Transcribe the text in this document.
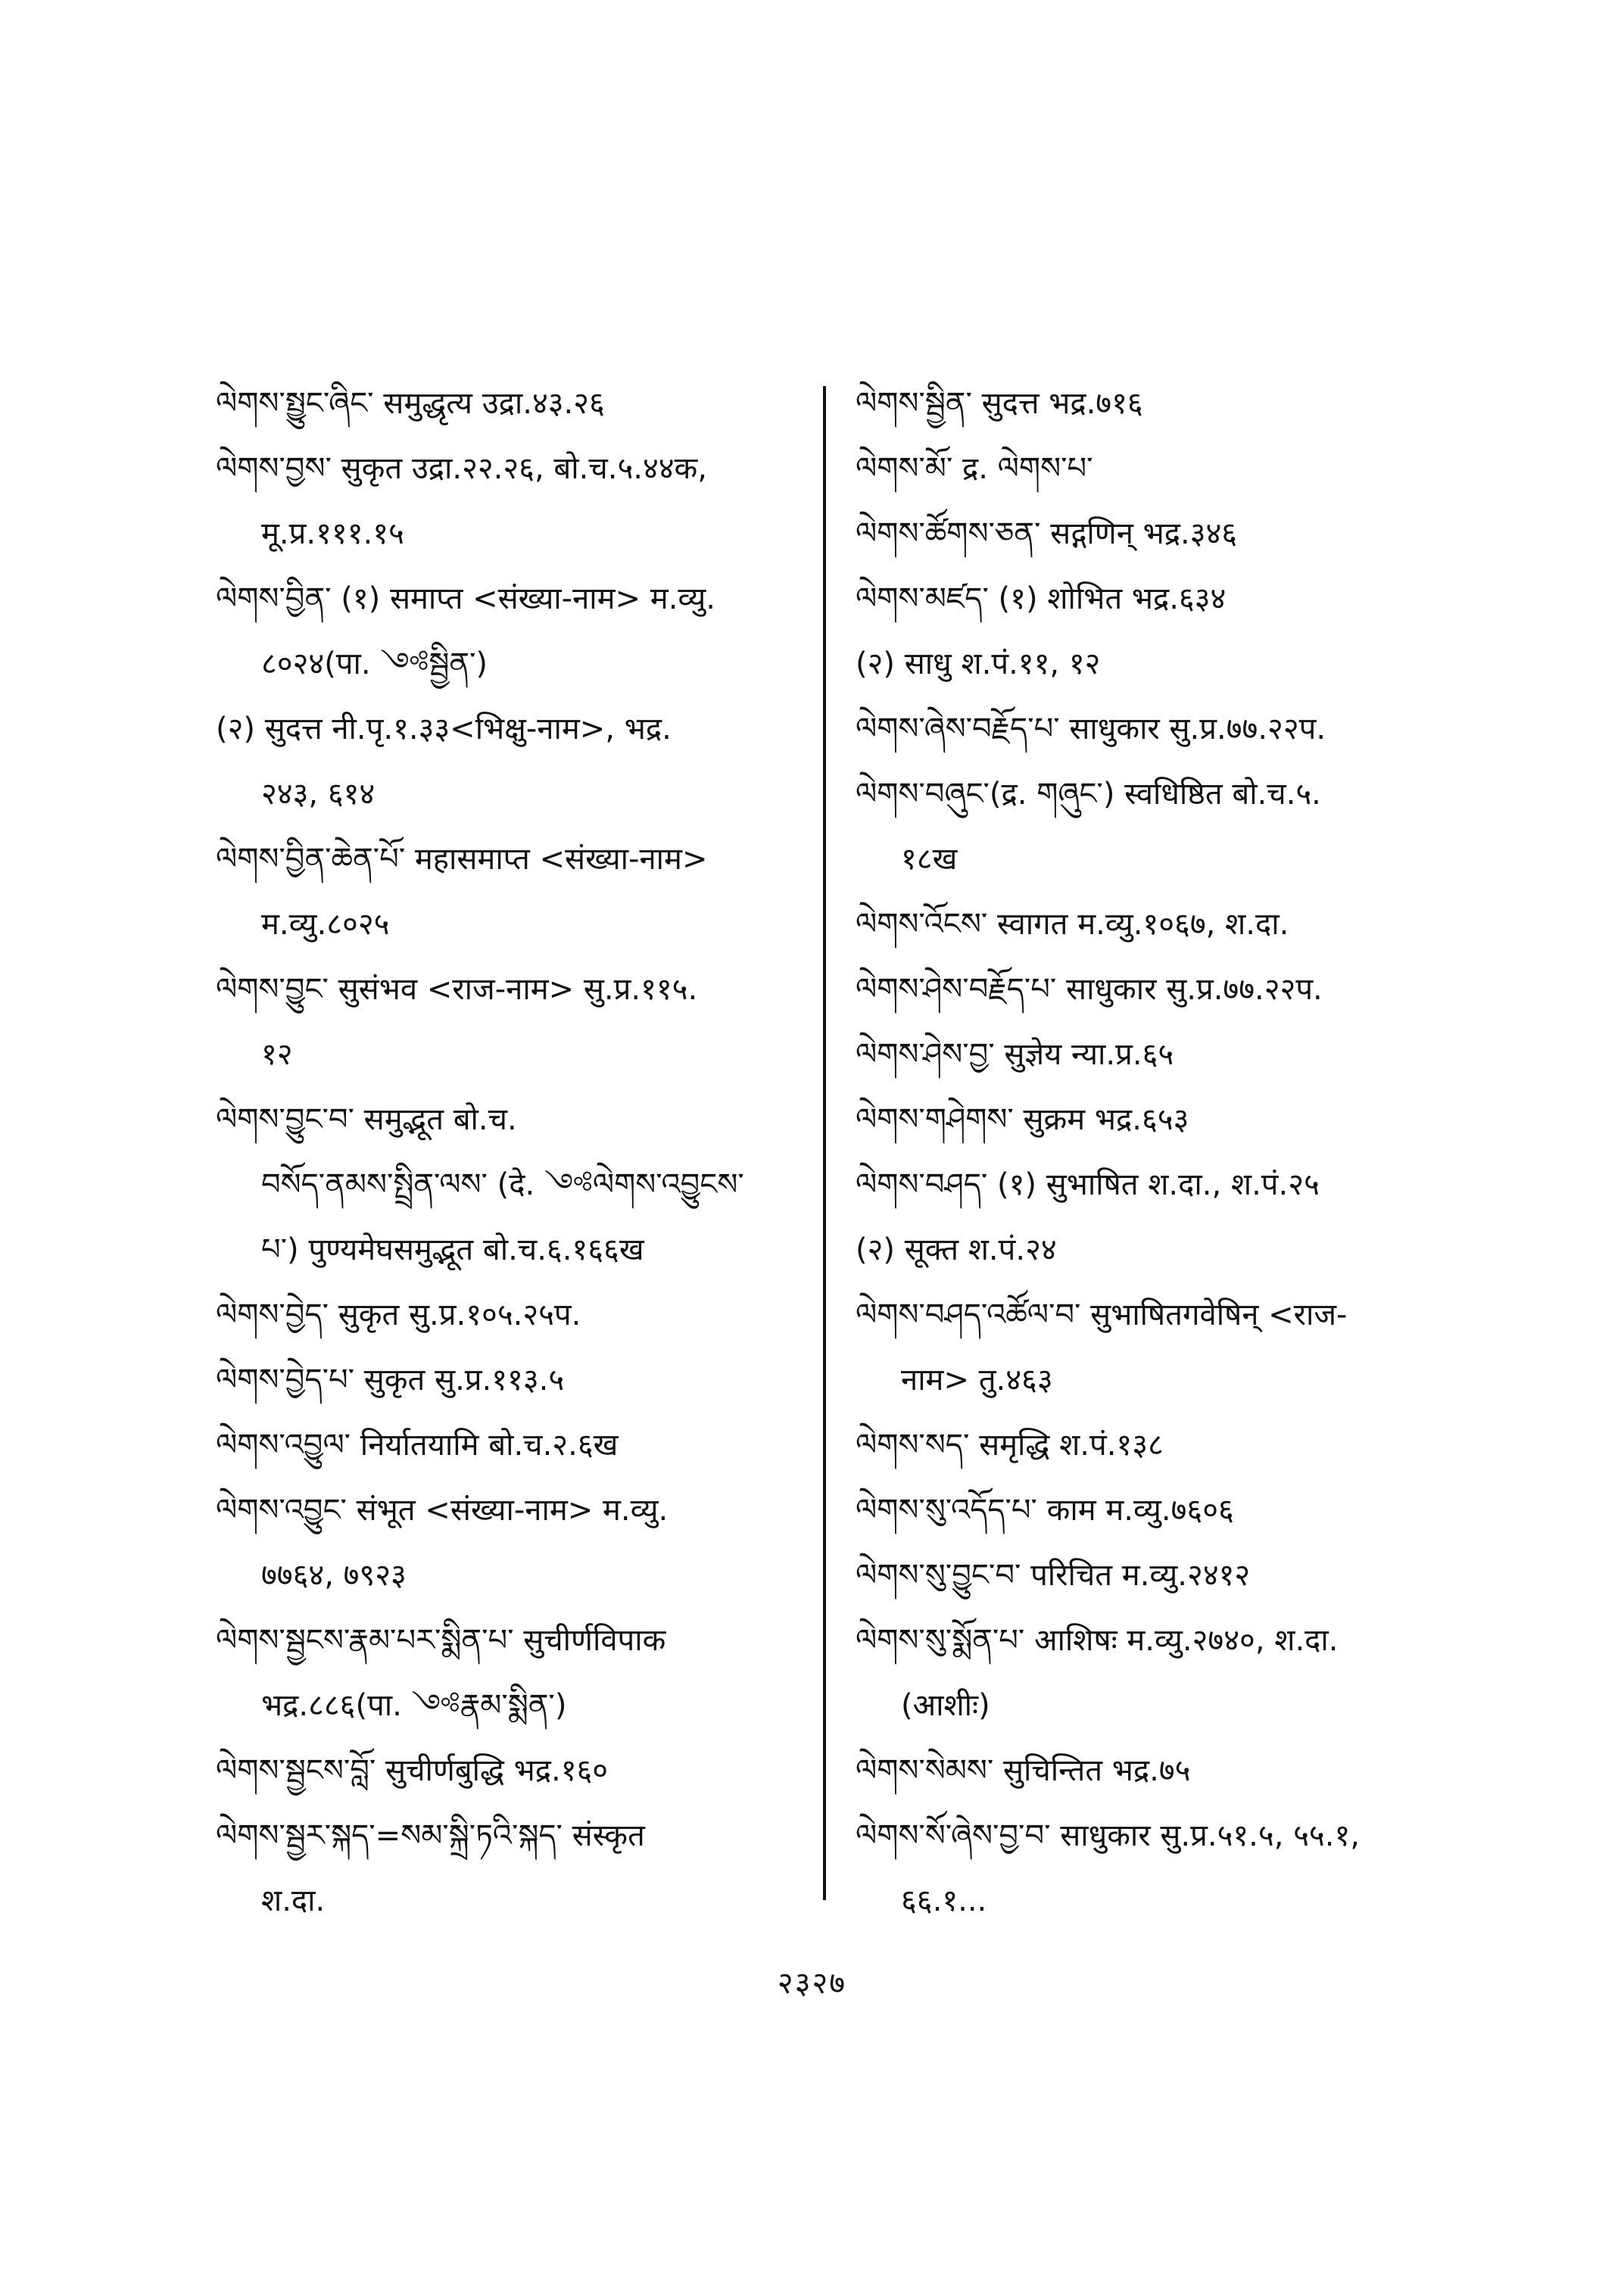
ལེགས་སྤྱུང་ཞིང་ समुद्धृत्य उद्रा.४३.२६
ལེགས་བྱས་ सुकृत उद्रा.२२.२६, बो.च.५.४४क,
मू.प्र.१११.१५
ལེགས་བྱིན་ (१) समाप्त <संख्या-नाम> म.व्यु.
८०२४(पा. ༺སྦྱིན་)
(२) सुदत्त नी.पृ.१.३३<भिक्षु-नाम>, भद्र.
२४३, ६१४
ལེགས་བྱིན་ཆེན་པོ་ महासमाप्त <संख्या-नाम>
म.व्यु.८०२५
ལེགས་བྱུང་ सुसंभव <राज-नाम> सु.प्र.११५.
१२
ལེགས་བྱུང་བ་ समुद्भूत बो.च.
བསོད་ནམས་སྤྲིན་ལས་ (दे. ༺ལེགས་འབྱུངས་
པ་) पुण्यमेघसमुद्भूत बो.च.६.१६६ख
ལེགས་བྱེད་ सुकृत सु.प्र.१०५.२५प.
ལེགས་བྱེད་པ་ सुकृत सु.प्र.११३.५
ལེགས་འབྱུལ་ निर्यातयामि बो.च.२.६ख
ལེགས་འབྱུང་ संभूत <संख्या-नाम> म.व्यु.
७७६४, ७९२३
ལེགས་སྦྱངས་རྣམ་པར་སྨིན་པ་ सुचीर्णविपाक
भद्र.८८६(पा. ༺རྣམ་སྨིན་)
ལེགས་སྦྱངས་བློ་ सुचीर्णबुद्धि भद्र.१६०
ལེགས་སྦྱར་སྐད་=སམ་སྐྲི་ཏའི་སྐད་ संस्कृत
श.दा.
ལེགས་སྦྱིན་ सुदत्त भद्र.७१६
ལེགས་མོ་ द्र. ལེགས་པ་
ལེགས་ཚོགས་ཅན་ सद्गणिन् भद्र.३४६
ལེགས་མཛད་ (१) शोभित भद्र.६३४
(२) साधु श.पं.११, १२
ལེགས་ཞེས་བརྗོད་པ་ साधुकार सु.प्र.७७.२२प.
ལེགས་བཞུང་(द्र. གཞུང་) स्वधिष्ठित बो.च.५.
१८ख
ལེགས་འོངས་ स्वागत म.व्यु.१०६७, श.दा.
ལེགས་ཤེས་བརྗོད་པ་ साधुकार सु.प्र.७७.२२प.
ལེགས་ཤེས་བྱ་ सुज्ञेय न्या.प्र.६५
ལེགས་གཤེགས་ सुक्रम भद्र.६५३
ལེགས་བཤད་ (१) सुभाषित श.दा., श.पं.२५
(२) सूक्त श.पं.२४
ལེགས་བཤད་འཚོལ་བ་ सुभाषितगवेषिन् <राज-
नाम> तु.४६३
ལེགས་སད་ समृद्धि श.पं.१३८
ལེགས་སུ་འདོད་པ་ काम म.व्यु.७६०६
ལེགས་སུ་བྱུང་བ་ परिचित म.व्यु.२४१२
ལེགས་སུ་སྨོན་པ་ आशिषः म.व्यु.२७४०, श.दा.
(आशीः)
ལེགས་སེམས་ सुचिन्तित भद्र.७५
ལེགས་སོ་ཞེས་བྱ་བ་ साधुकार सु.प्र.५१.५, ५५.१,
६६.१...
२३२७
